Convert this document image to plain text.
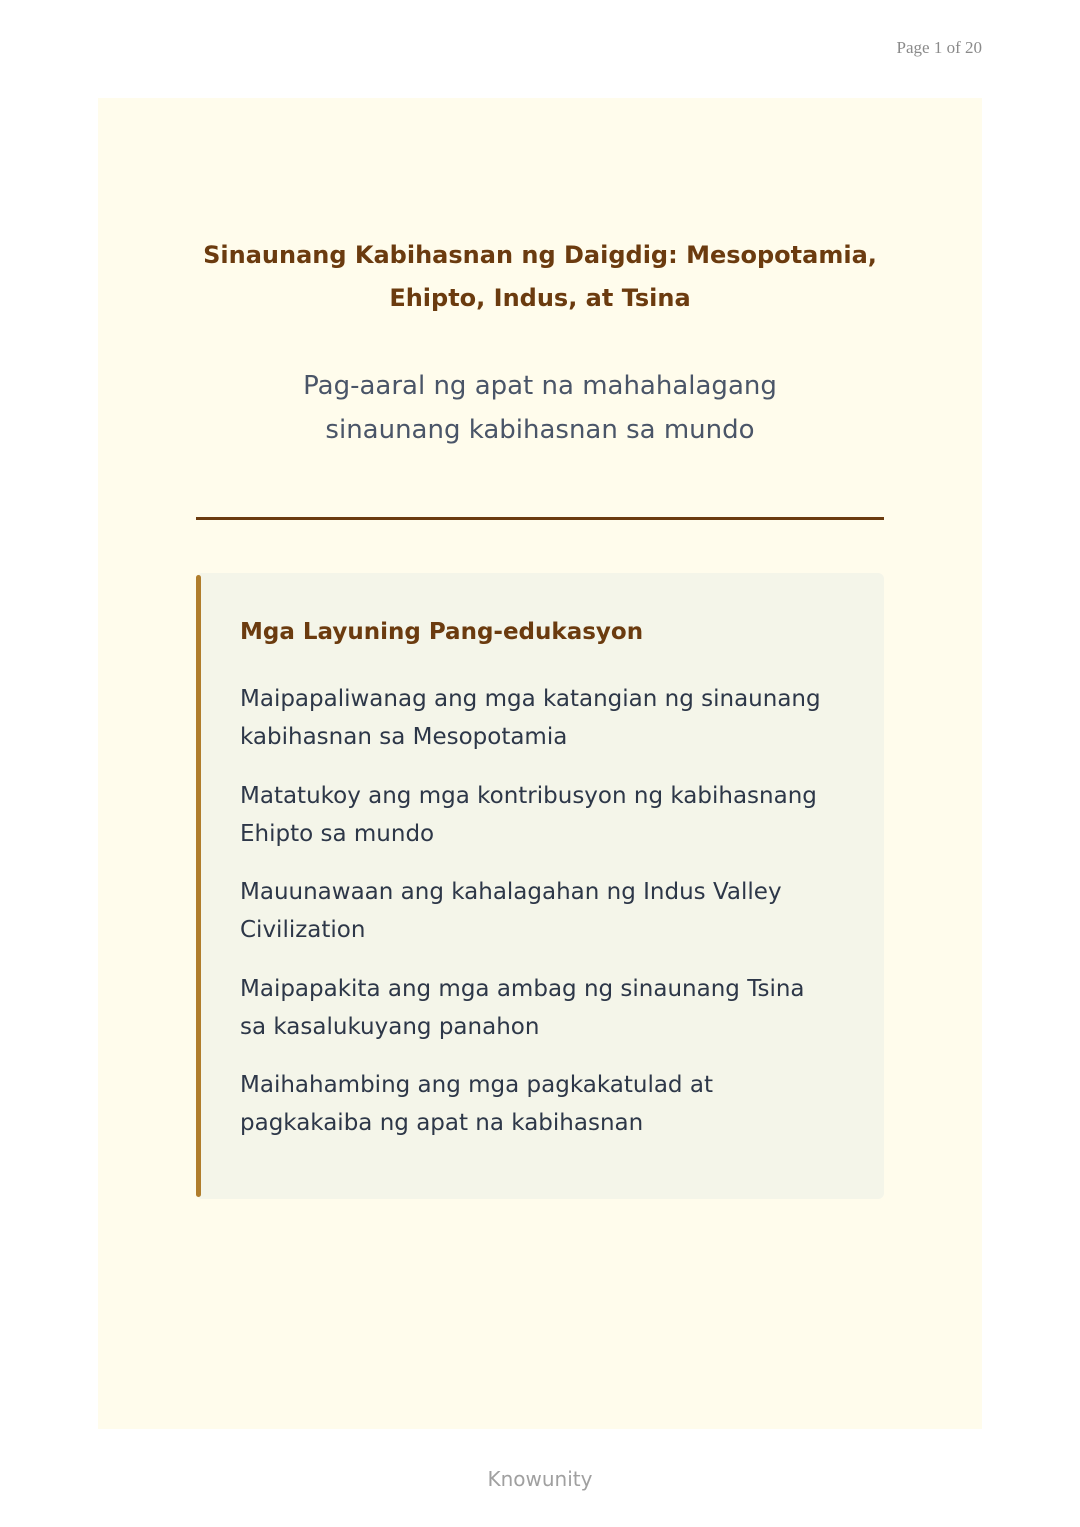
Page 1 of 20
Sinaunang Kabihasnan ng Daigdig: Mesopotamia,
Ehipto, Indus, at Tsina

Pag-aaral ng apat na mahahalagang
sinaunang kabihasnan sa mundo

Mga Layuning Pang-edukasyon

Maipapaliwanag ang mga katangian ng sinaunang
kabihasnan sa Mesopotamia

Matatukoy ang mga kontribusyon ng kabihasnang
Ehipto sa mundo

Mauunawaan ang kahalagahan ng Indus Valley
Civilization

Maipapakita ang mga ambag ng sinaunang Tsina
sa kasalukuyang panahon

Maihahambing ang mga pagkakatulad at
pagkakaiba ng apat na kabihasnan

Knowunity
